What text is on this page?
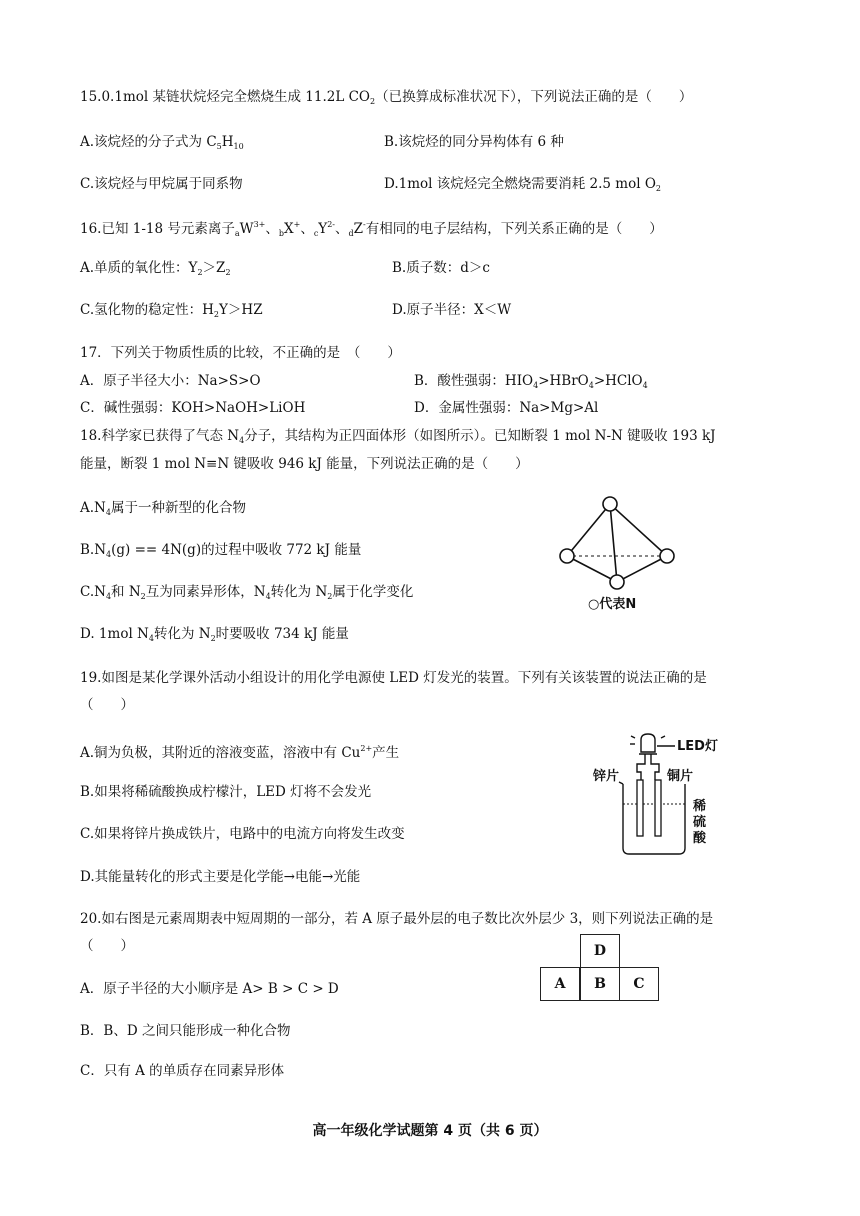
15.0.1mol 某链状烷烃完全燃烧生成 11.2L $CO_2$（已换算成标准状况下），下列说法正确的是（　　）
A.该烷烃的分子式为 $C_5H_{10}$	B.该烷烃的同分异构体有 6 种
C.该烷烃与甲烷属于同系物	D.1mol 该烷烃完全燃烧需要消耗 2.5 mol $O_2$
16.已知 1-18 号元素离子$_aW^{3+}$、$_b$X+、$_cY^{2-}$、$_d$Z-有相同的电子层结构，下列关系正确的是（　　）
A.单质的氧化性：$Y_2>Z_2$	B.质子数：d＞c
C.氢化物的稳定性：$H_2Y>HZ$	D.原子半径：X＜W
17．下列关于物质性质的比较，不正确的是　（　　）
A．原子半径大小：Na>S>O	B．酸性强弱：$HIO_4>HBrO_4>HClO_4$
C．碱性强弱：KOH>NaOH>LiOH	D．金属性强弱：Na>Mg>Al
18.科学家已获得了气态 $N_4$分子，其结构为正四面体形（如图所示）。已知断裂 1 mol N-N 键吸收 193 kJ
能量，断裂 1 mol N≡N 键吸收 946 kJ 能量，下列说法正确的是（　　）
$A.N_4$属于一种新型的化合物
$B.N_4(g) == 4N(g)$的过程中吸收 772 kJ 能量
$C.N_4$和 $N_2$互为同素异形体，$N_4$转化为 $N_2$属于化学变化
D. 1mol $N_4$转化为 $N_2$时要吸收 734 kJ 能量
○代表N
19.如图是某化学课外活动小组设计的用化学电源使 LED 灯发光的装置。下列有关该装置的说法正确的是
（　　）
A.铜为负极，其附近的溶液变蓝，溶液中有 $Cu^{2+}$产生
B.如果将稀硫酸换成柠檬汁，LED 灯将不会发光
C.如果将锌片换成铁片，电路中的电流方向将发生改变
D.其能量转化的形式主要是化学能→电能→光能
LED灯
锌片	铜片
稀
硫
酸
20.如右图是元素周期表中短周期的一部分，若 A 原子最外层的电子数比次外层少 3，则下列说法正确的是
（　　）
A．原子半径的大小顺序是 A> B > C > D
B．B、D 之间只能形成一种化合物
C．只有 A 的单质存在同素异形体
D
A	B	C
高一年级化学试题第 4 页（共 6 页）
